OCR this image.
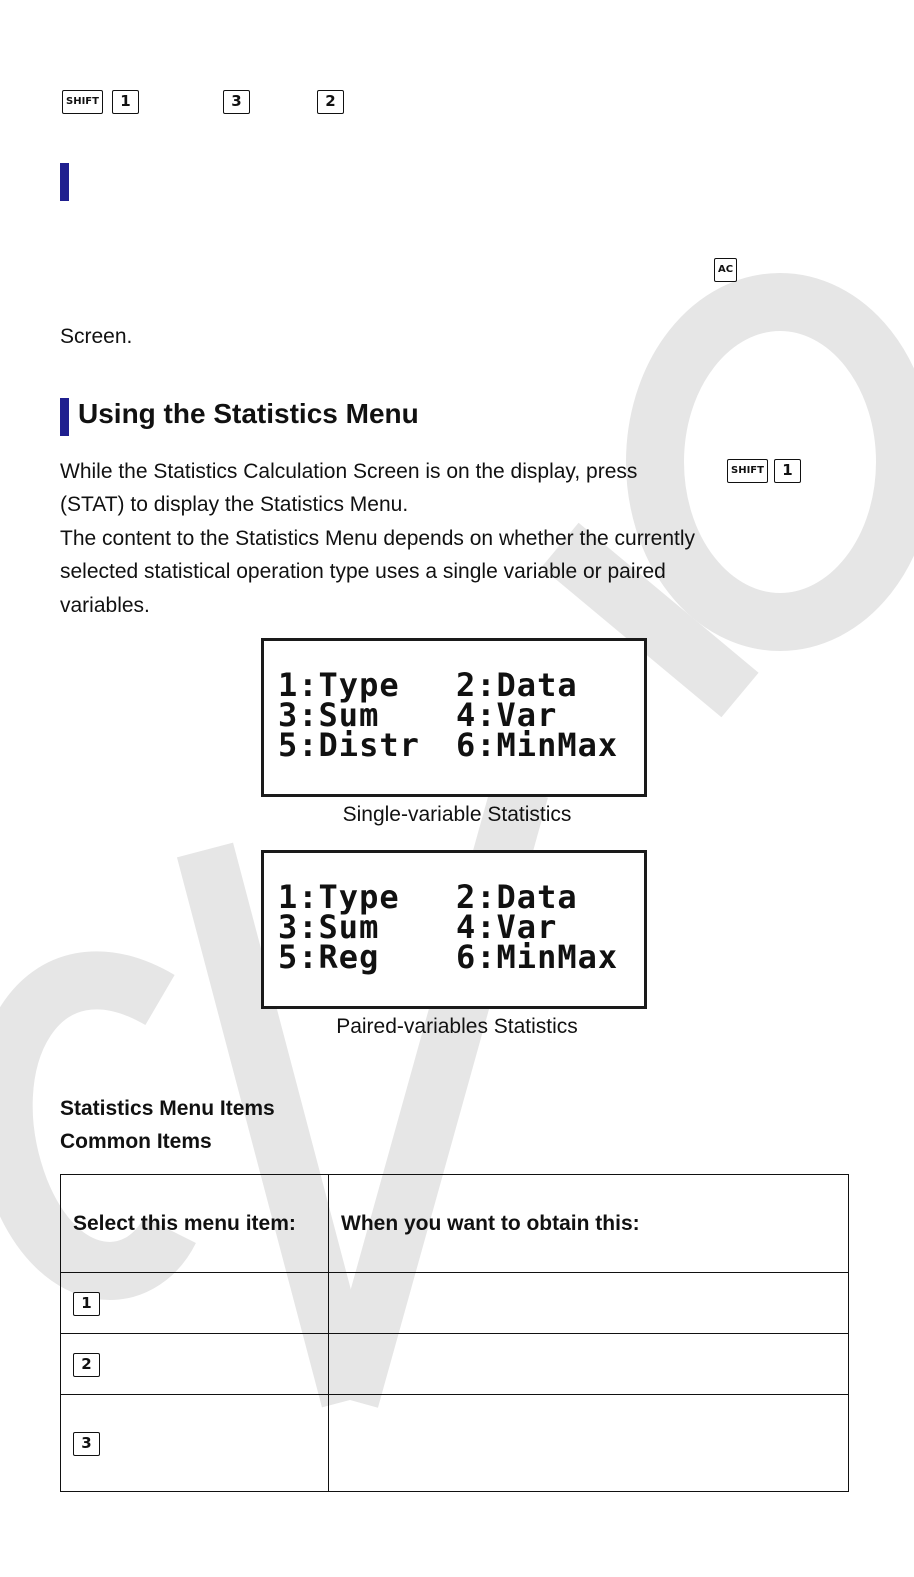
SHIFT	1	3	2
AC
Screen.
Using the Statistics Menu
While the Statistics Calculation Screen is on the display, press	SHIFT	1
(STAT) to display the Statistics Menu.
The content to the Statistics Menu depends on whether the currently
selected statistical operation type uses a single variable or paired
variables.
1:Type 2:Data
3:Sum 4:Var
5:Distr 6:MinMax
Single-variable Statistics
1:Type 2:Data
3:Sum 4:Var
5:Reg 6:MinMax
Paired-variables Statistics
Statistics Menu Items
Common Items
Select this menu item:	When you want to obtain this:
1	
2	
3	
